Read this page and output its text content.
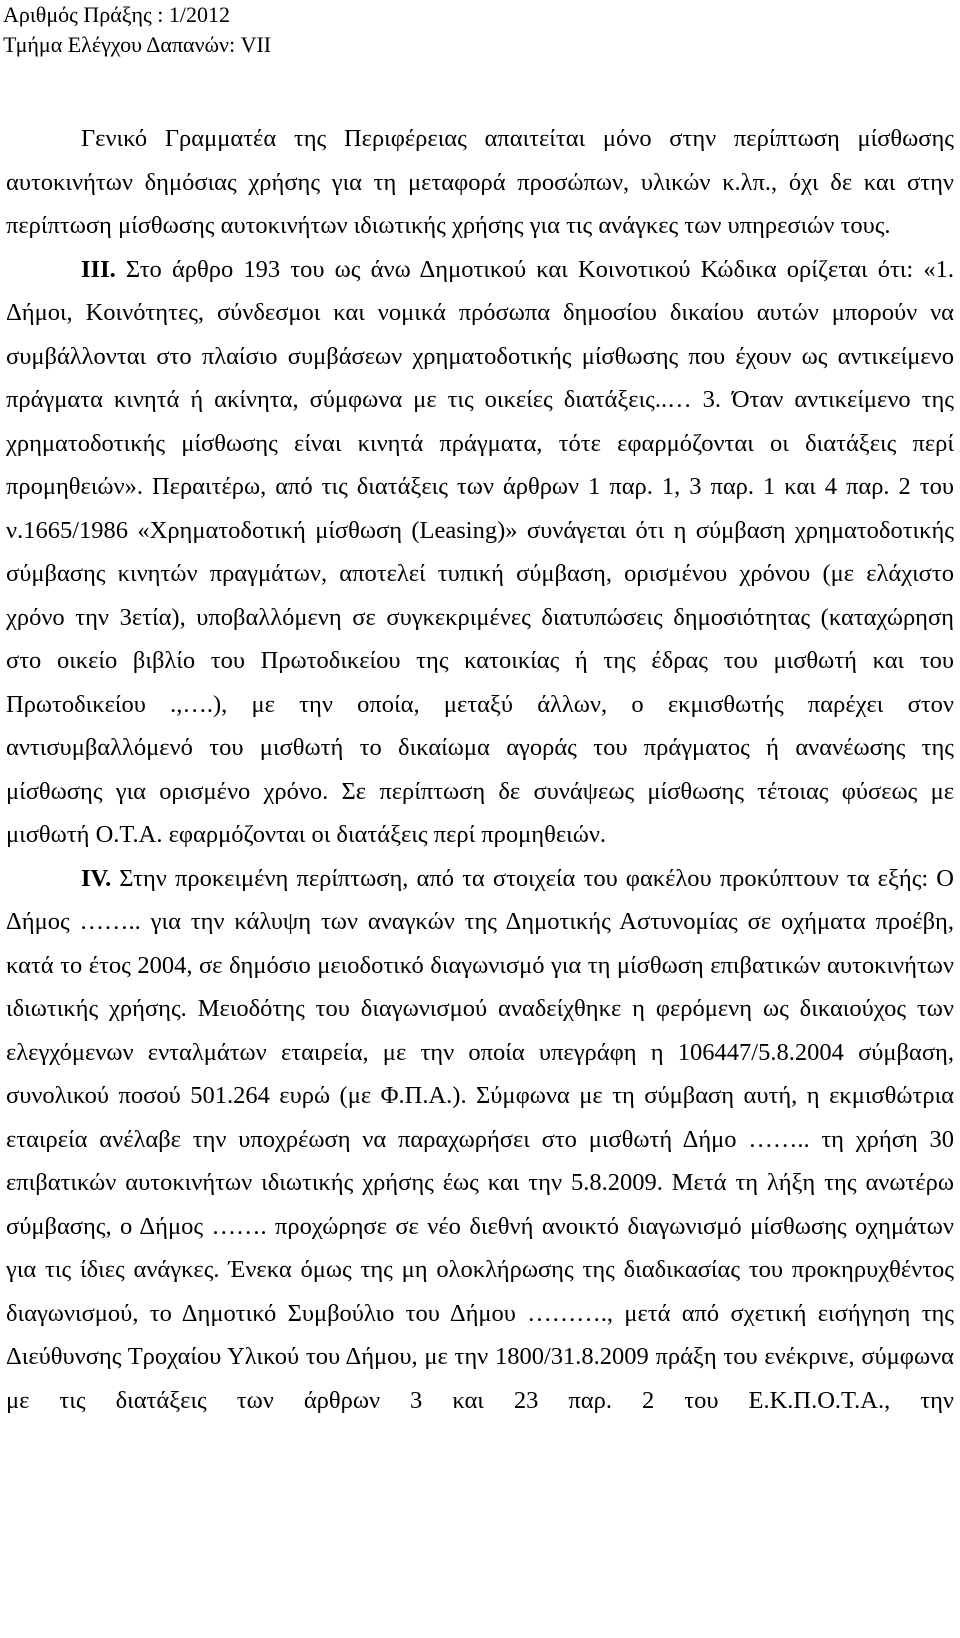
Αριθμός Πράξης : 1/2012
Τμήμα Ελέγχου Δαπανών: VII

Γενικό Γραμματέα της Περιφέρειας απαιτείται μόνο στην περίπτωση μίσθωσης αυτοκινήτων δημόσιας χρήσης για τη μεταφορά προσώπων, υλικών κ.λπ., όχι δε και στην περίπτωση μίσθωσης αυτοκινήτων ιδιωτικής χρήσης για τις ανάγκες των υπηρεσιών τους.

ΙΙΙ. Στο άρθρο 193 του ως άνω Δημοτικού και Κοινοτικού Κώδικα ορίζεται ότι: «1. Δήμοι, Κοινότητες, σύνδεσμοι και νομικά πρόσωπα δημοσίου δικαίου αυτών μπορούν να συμβάλλονται στο πλαίσιο συμβάσεων χρηματοδοτικής μίσθωσης που έχουν ως αντικείμενο πράγματα κινητά ή ακίνητα, σύμφωνα με τις οικείες διατάξεις..… 3. Όταν αντικείμενο της χρηματοδοτικής μίσθωσης είναι κινητά πράγματα, τότε εφαρμόζονται οι διατάξεις περί προμηθειών». Περαιτέρω, από τις διατάξεις των άρθρων 1 παρ. 1, 3 παρ. 1 και 4 παρ. 2 του ν.1665/1986 «Χρηματοδοτική μίσθωση (Leasing)» συνάγεται ότι η σύμβαση χρηματοδοτικής σύμβασης κινητών πραγμάτων, αποτελεί τυπική σύμβαση, ορισμένου χρόνου (με ελάχιστο χρόνο την 3ετία), υποβαλλόμενη σε συγκεκριμένες διατυπώσεις δημοσιότητας (καταχώρηση στο οικείο βιβλίο του Πρωτοδικείου της κατοικίας ή της έδρας του μισθωτή και του Πρωτοδικείου .,….), με την οποία, μεταξύ άλλων, ο εκμισθωτής παρέχει στον αντισυμβαλλόμενό του μισθωτή το δικαίωμα αγοράς του πράγματος ή ανανέωσης της μίσθωσης για ορισμένο χρόνο. Σε περίπτωση δε συνάψεως μίσθωσης τέτοιας φύσεως με μισθωτή Ο.Τ.Α. εφαρμόζονται οι διατάξεις περί προμηθειών.

IV. Στην προκειμένη περίπτωση, από τα στοιχεία του φακέλου προκύπτουν τα εξής: Ο Δήμος …….. για την κάλυψη των αναγκών της Δημοτικής Αστυνομίας σε οχήματα προέβη, κατά το έτος 2004, σε δημόσιο μειοδοτικό διαγωνισμό για τη μίσθωση επιβατικών αυτοκινήτων ιδιωτικής χρήσης. Μειοδότης του διαγωνισμού αναδείχθηκε η φερόμενη ως δικαιούχος των ελεγχόμενων ενταλμάτων εταιρεία, με την οποία υπεγράφη η 106447/5.8.2004 σύμβαση, συνολικού ποσού 501.264 ευρώ (με Φ.Π.Α.). Σύμφωνα με τη σύμβαση αυτή, η εκμισθώτρια εταιρεία ανέλαβε την υποχρέωση να παραχωρήσει στο μισθωτή Δήμο …….. τη χρήση 30 επιβατικών αυτοκινήτων ιδιωτικής χρήσης έως και την 5.8.2009. Μετά τη λήξη της ανωτέρω σύμβασης, ο Δήμος ……. προχώρησε σε νέο διεθνή ανοικτό διαγωνισμό μίσθωσης οχημάτων για τις ίδιες ανάγκες. Ένεκα όμως της μη ολοκλήρωσης της διαδικασίας του προκηρυχθέντος διαγωνισμού, το Δημοτικό Συμβούλιο του Δήμου ………., μετά από σχετική εισήγηση της Διεύθυνσης Τροχαίου Υλικού του Δήμου, με την 1800/31.8.2009 πράξη του ενέκρινε, σύμφωνα με τις διατάξεις των άρθρων 3 και 23 παρ. 2 του Ε.Κ.Π.Ο.Τ.Α., την
